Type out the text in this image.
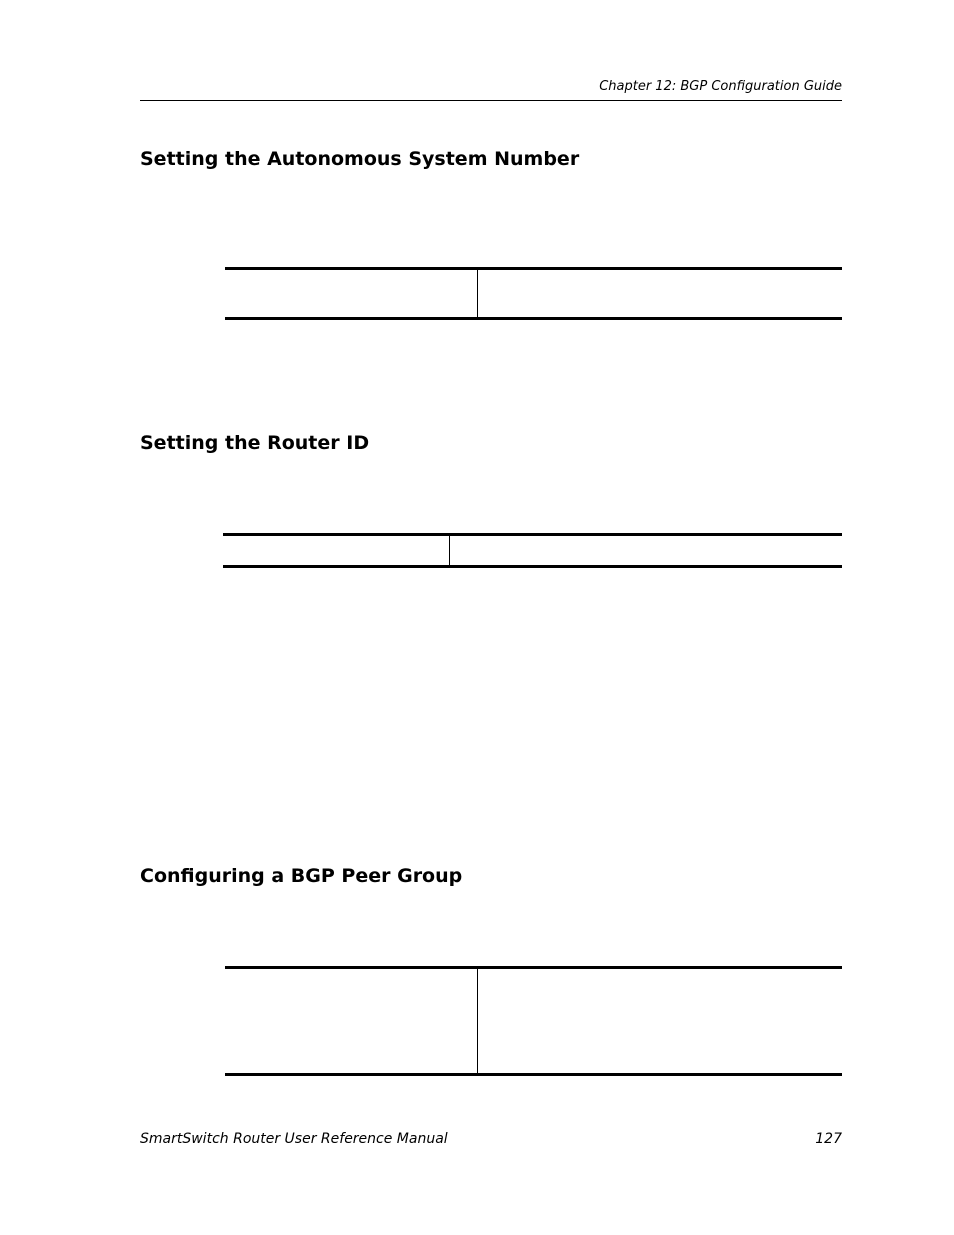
Chapter 12: BGP Configuration Guide
Setting the Autonomous System Number
Setting the Router ID
Configuring a BGP Peer Group
SmartSwitch Router User Reference Manual	127
